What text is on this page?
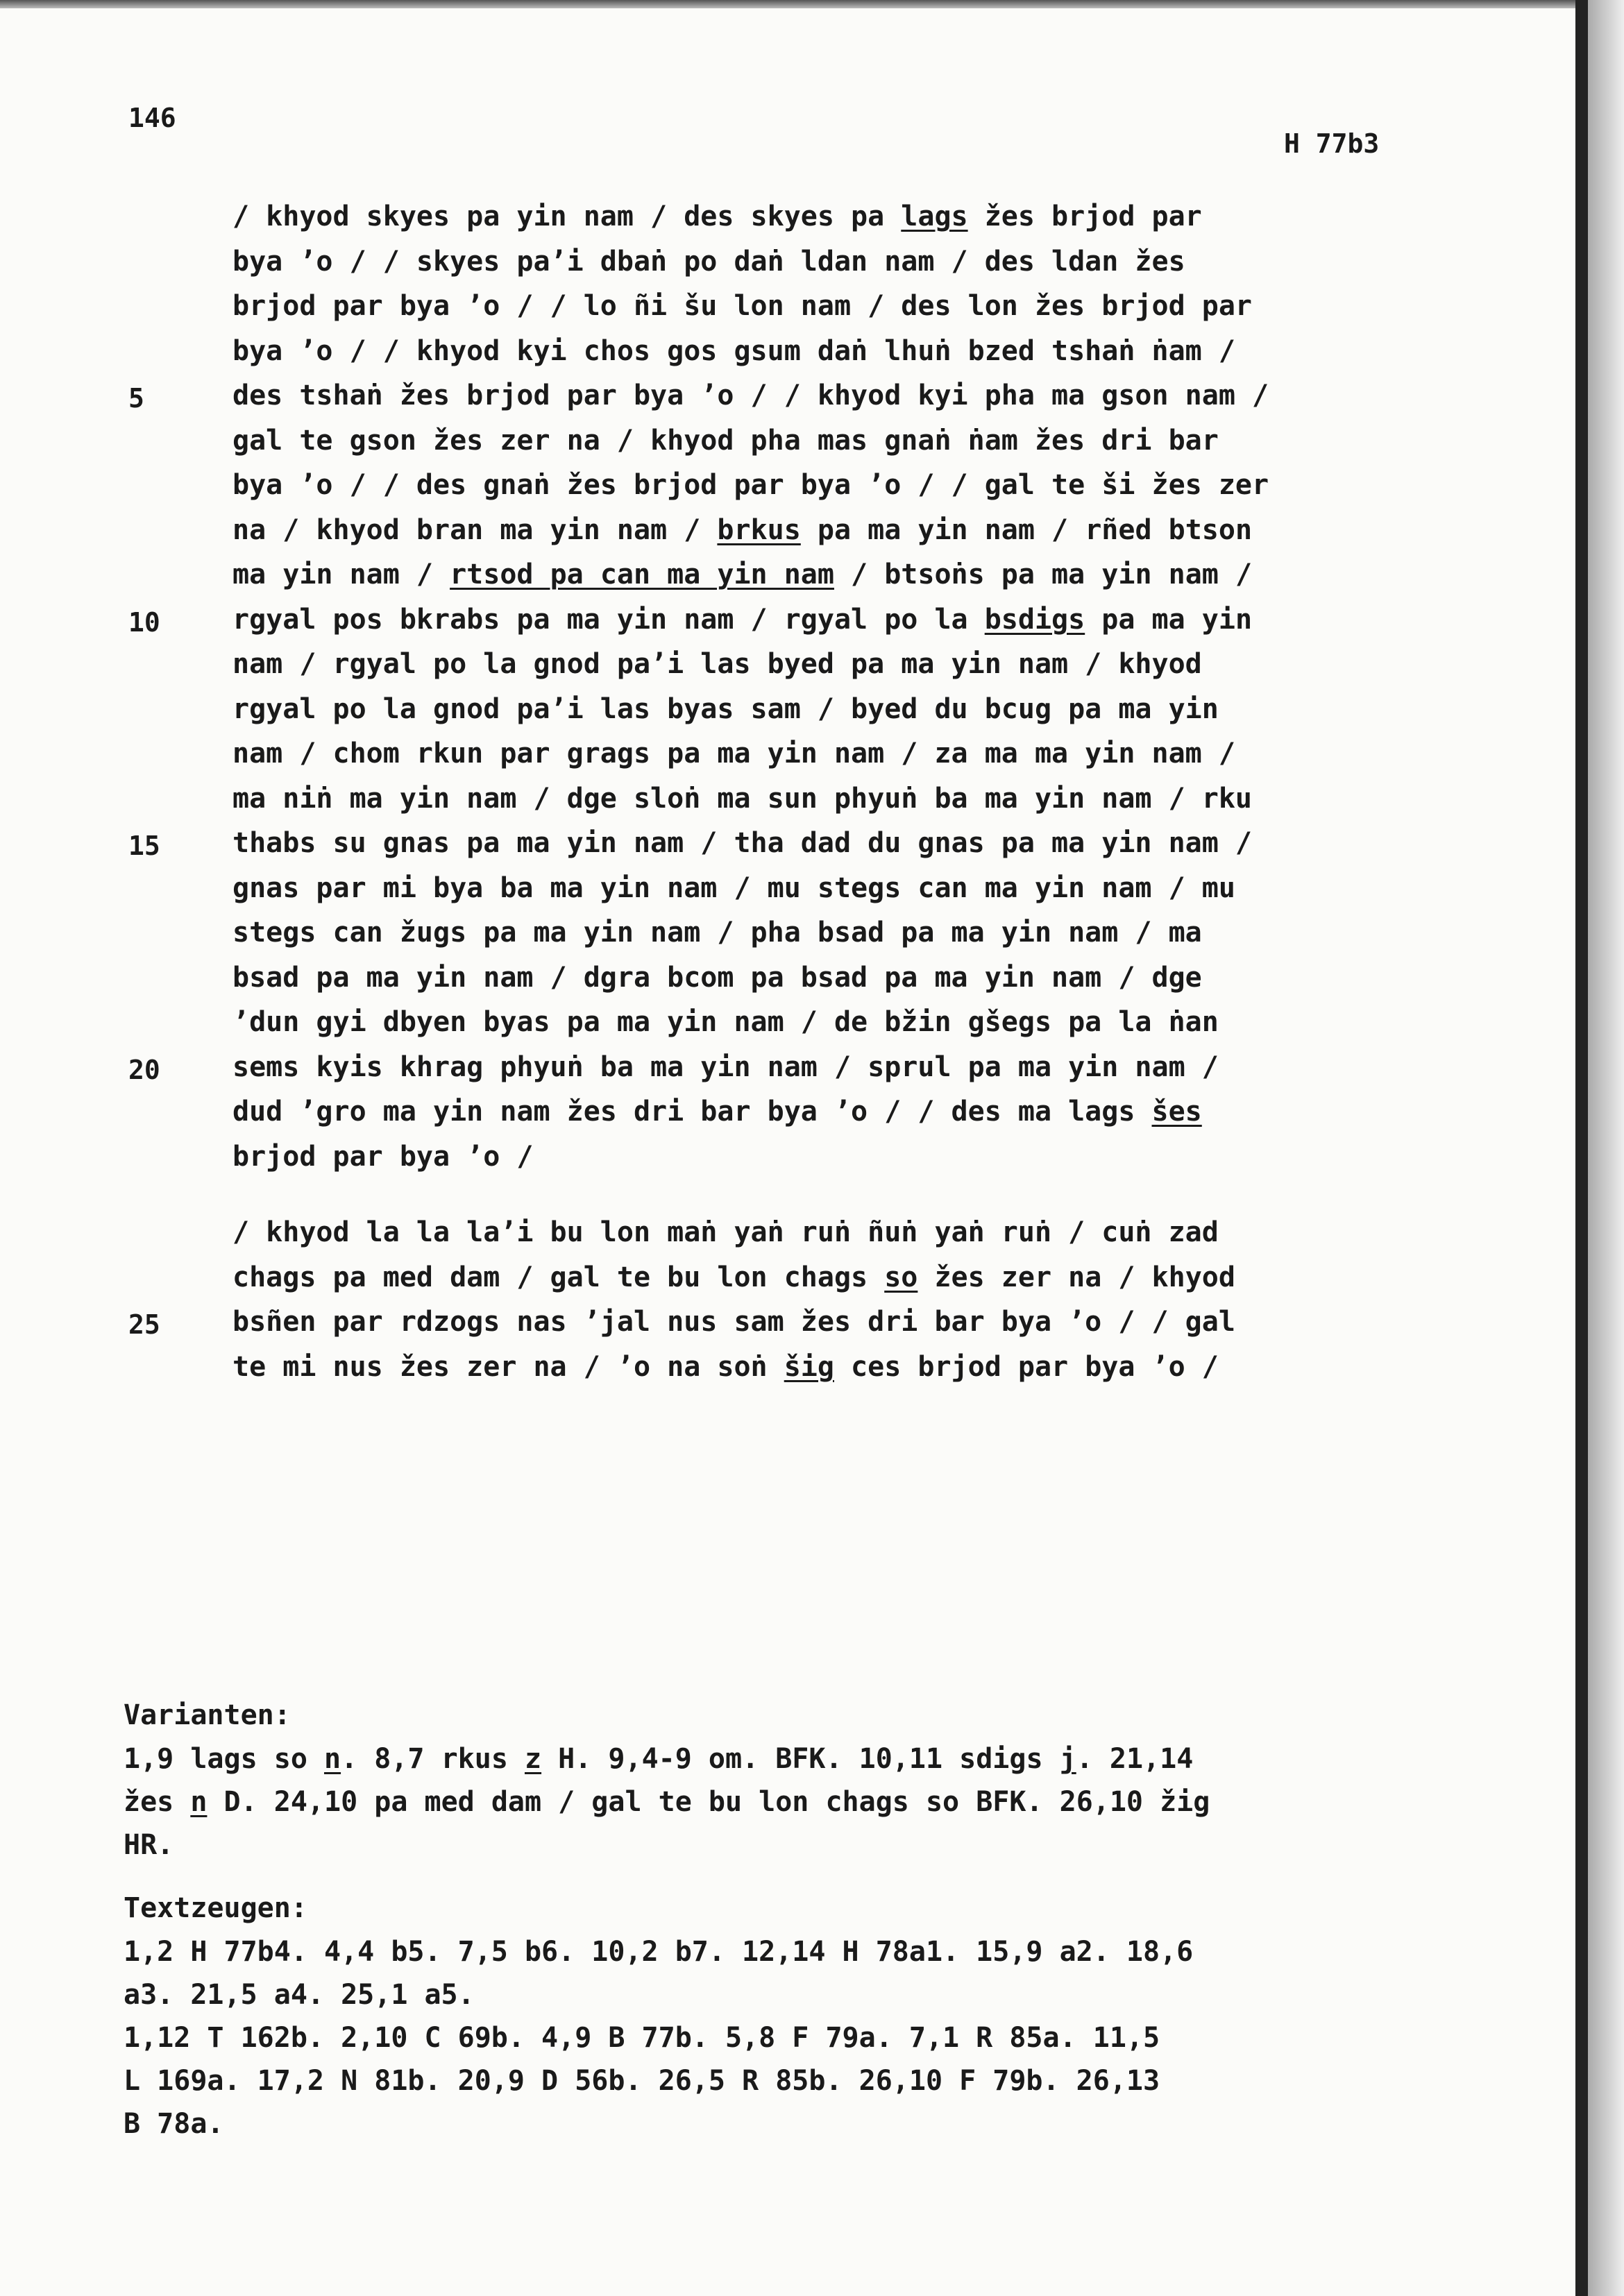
146
H 77b3
/ khyod skyes pa yin nam / des skyes pa lags žes brjod par
bya ’o / / skyes pa’i dbaṅ po daṅ ldan nam / des ldan žes
brjod par bya ’o / / lo ñi šu lon nam / des lon žes brjod par
bya ’o / / khyod kyi chos gos gsum daṅ lhuṅ bzed tshaṅ ṅam /
des tshaṅ žes brjod par bya ’o / / khyod kyi pha ma gson nam /
gal te gson žes zer na / khyod pha mas gnaṅ ṅam žes dri bar
bya ’o / / des gnaṅ žes brjod par bya ’o / / gal te ši žes zer
na / khyod bran ma yin nam / brkus pa ma yin nam / rñed btson
ma yin nam / rtsod pa can ma yin nam / btsoṅs pa ma yin nam /
rgyal pos bkrabs pa ma yin nam / rgyal po la bsdigs pa ma yin
nam / rgyal po la gnod pa’i las byed pa ma yin nam / khyod
rgyal po la gnod pa’i las byas sam / byed du bcug pa ma yin
nam / chom rkun par grags pa ma yin nam / za ma ma yin nam /
ma niṅ ma yin nam / dge sloṅ ma sun phyuṅ ba ma yin nam / rku
thabs su gnas pa ma yin nam / tha dad du gnas pa ma yin nam /
gnas par mi bya ba ma yin nam / mu stegs can ma yin nam / mu
stegs can žugs pa ma yin nam / pha bsad pa ma yin nam / ma
bsad pa ma yin nam / dgra bcom pa bsad pa ma yin nam / dge
’dun gyi dbyen byas pa ma yin nam / de bžin gšegs pa la ṅan
sems kyis khrag phyuṅ ba ma yin nam / sprul pa ma yin nam /
dud ’gro ma yin nam žes dri bar bya ’o / / des ma lags šes
brjod par bya ’o /
/ khyod la la la’i bu lon maṅ yaṅ ruṅ ñuṅ yaṅ ruṅ / cuṅ zad
chags pa med dam / gal te bu lon chags so žes zer na / khyod
bsñen par rdzogs nas ’jal nus sam žes dri bar bya ’o / / gal
te mi nus žes zer na / ’o na soṅ šig ces brjod par bya ’o /
5
10
15
20
25
Varianten:
1,9 lags so n. 8,7 rkus z H. 9,4-9 om. BFK. 10,11 sdigs j. 21,14
žes n D. 24,10 pa med dam / gal te bu lon chags so BFK. 26,10 žig
HR.
Textzeugen:
1,2 H 77b4. 4,4 b5. 7,5 b6. 10,2 b7. 12,14 H 78a1. 15,9 a2. 18,6
a3. 21,5 a4. 25,1 a5.
1,12 T 162b. 2,10 C 69b. 4,9 B 77b. 5,8 F 79a. 7,1 R 85a. 11,5
L 169a. 17,2 N 81b. 20,9 D 56b. 26,5 R 85b. 26,10 F 79b. 26,13
B 78a.
